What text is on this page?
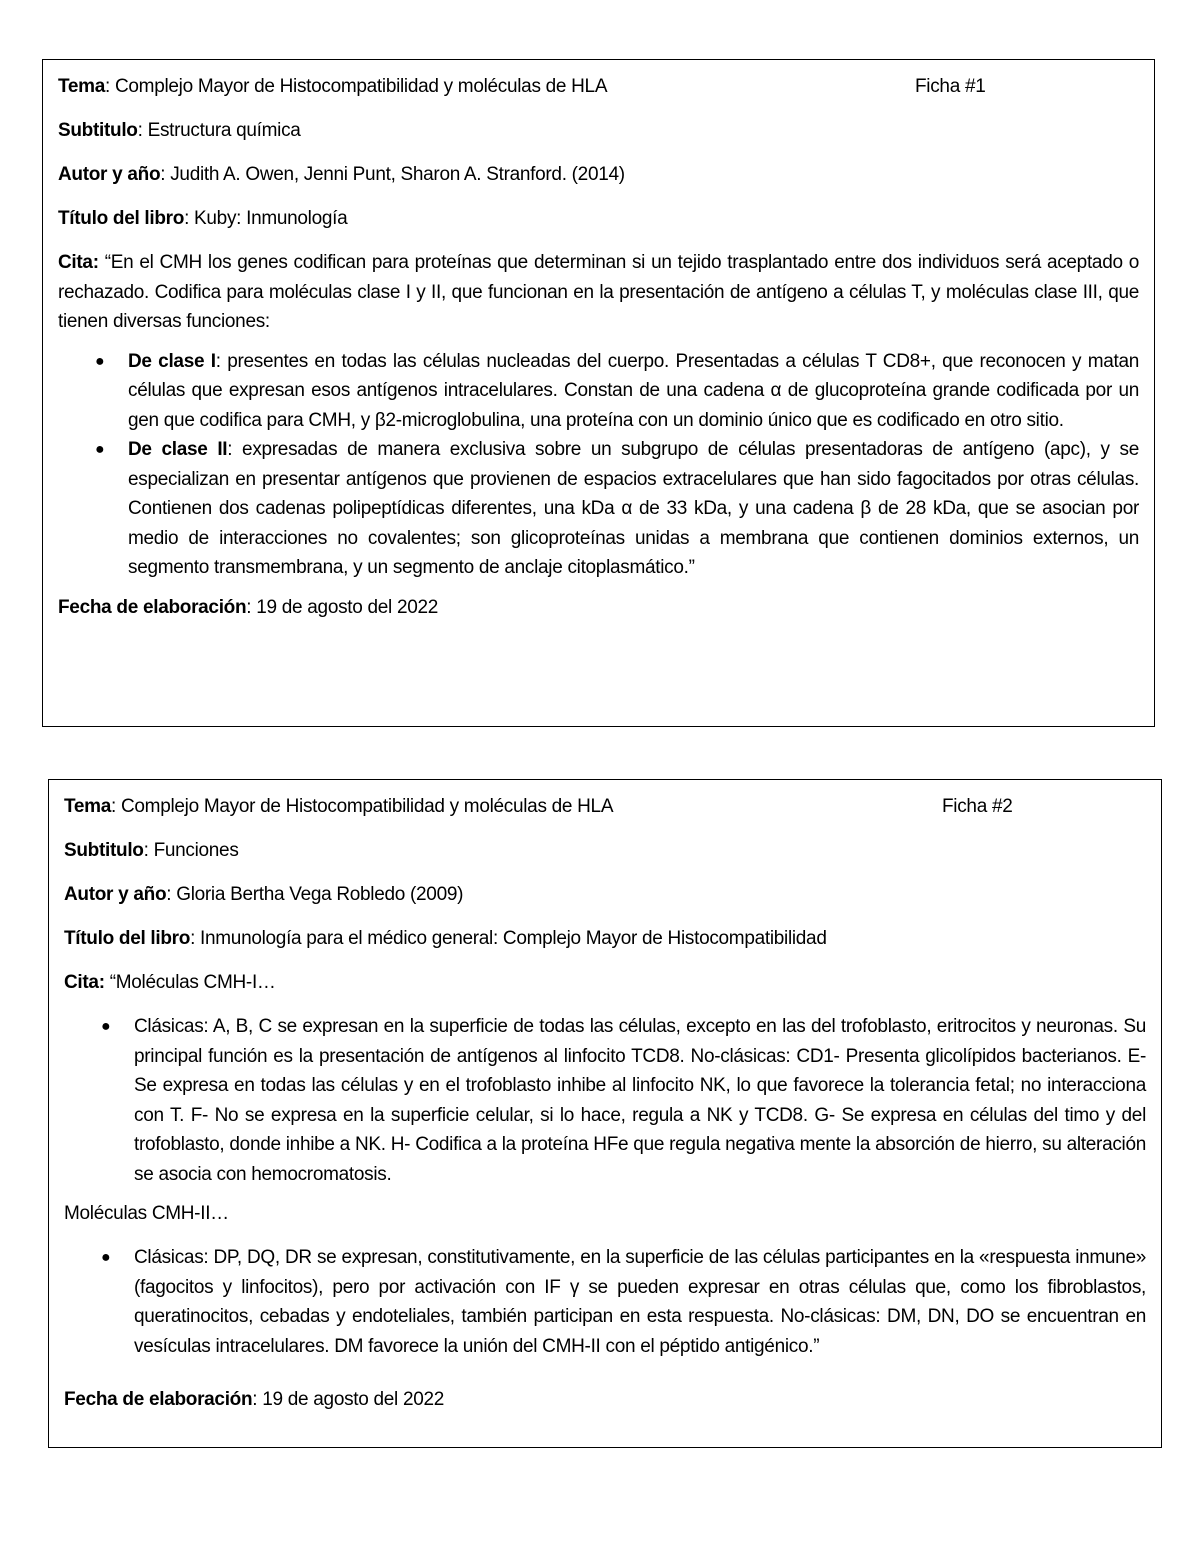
Tema: Complejo Mayor de Histocompatibilidad y moléculas de HLA	Ficha #1
Subtitulo: Estructura química
Autor y año: Judith A. Owen, Jenni Punt, Sharon A. Stranford. (2014)
Título del libro: Kuby: Inmunología
Cita: “En el CMH los genes codifican para proteínas que determinan si un tejido trasplantado entre dos individuos será aceptado o rechazado. Codifica para moléculas clase I y II, que funcionan en la presentación de antígeno a células T, y moléculas clase III, que tienen diversas funciones:
● De clase I: presentes en todas las células nucleadas del cuerpo. Presentadas a células T CD8+, que reconocen y matan células que expresan esos antígenos intracelulares. Constan de una cadena α de glucoproteína grande codificada por un gen que codifica para CMH, y β2-microglobulina, una proteína con un dominio único que es codificado en otro sitio.
● De clase II: expresadas de manera exclusiva sobre un subgrupo de células presentadoras de antígeno (apc), y se especializan en presentar antígenos que provienen de espacios extracelulares que han sido fagocitados por otras células. Contienen dos cadenas polipeptídicas diferentes, una kDa α de 33 kDa, y una cadena β de 28 kDa, que se asocian por medio de interacciones no covalentes; son glicoproteínas unidas a membrana que contienen dominios externos, un segmento transmembrana, y un segmento de anclaje citoplasmático.”
Fecha de elaboración: 19 de agosto del 2022
Tema: Complejo Mayor de Histocompatibilidad y moléculas de HLA	Ficha #2
Subtitulo: Funciones
Autor y año: Gloria Bertha Vega Robledo (2009)
Título del libro: Inmunología para el médico general: Complejo Mayor de Histocompatibilidad
Cita: “Moléculas CMH-I…
● Clásicas: A, B, C se expresan en la superficie de todas las células, excepto en las del trofoblasto, eritrocitos y neuronas. Su principal función es la presentación de antígenos al linfocito TCD8. No-clásicas: CD1- Presenta glicolípidos bacterianos. E- Se expresa en todas las células y en el trofoblasto inhibe al linfocito NK, lo que favorece la tolerancia fetal; no interacciona con T. F- No se expresa en la superficie celular, si lo hace, regula a NK y TCD8. G- Se expresa en células del timo y del trofoblasto, donde inhibe a NK. H- Codifica a la proteína HFe que regula negativa mente la absorción de hierro, su alteración se asocia con hemocromatosis.
Moléculas CMH-II…
● Clásicas: DP, DQ, DR se expresan, constitutivamente, en la superficie de las células participantes en la «respuesta inmune» (fagocitos y linfocitos), pero por activación con IF γ se pueden expresar en otras células que, como los fibroblastos, queratinocitos, cebadas y endoteliales, también participan en esta respuesta. No-clásicas: DM, DN, DO se encuentran en vesículas intracelulares. DM favorece la unión del CMH-II con el péptido antigénico.”
Fecha de elaboración: 19 de agosto del 2022
